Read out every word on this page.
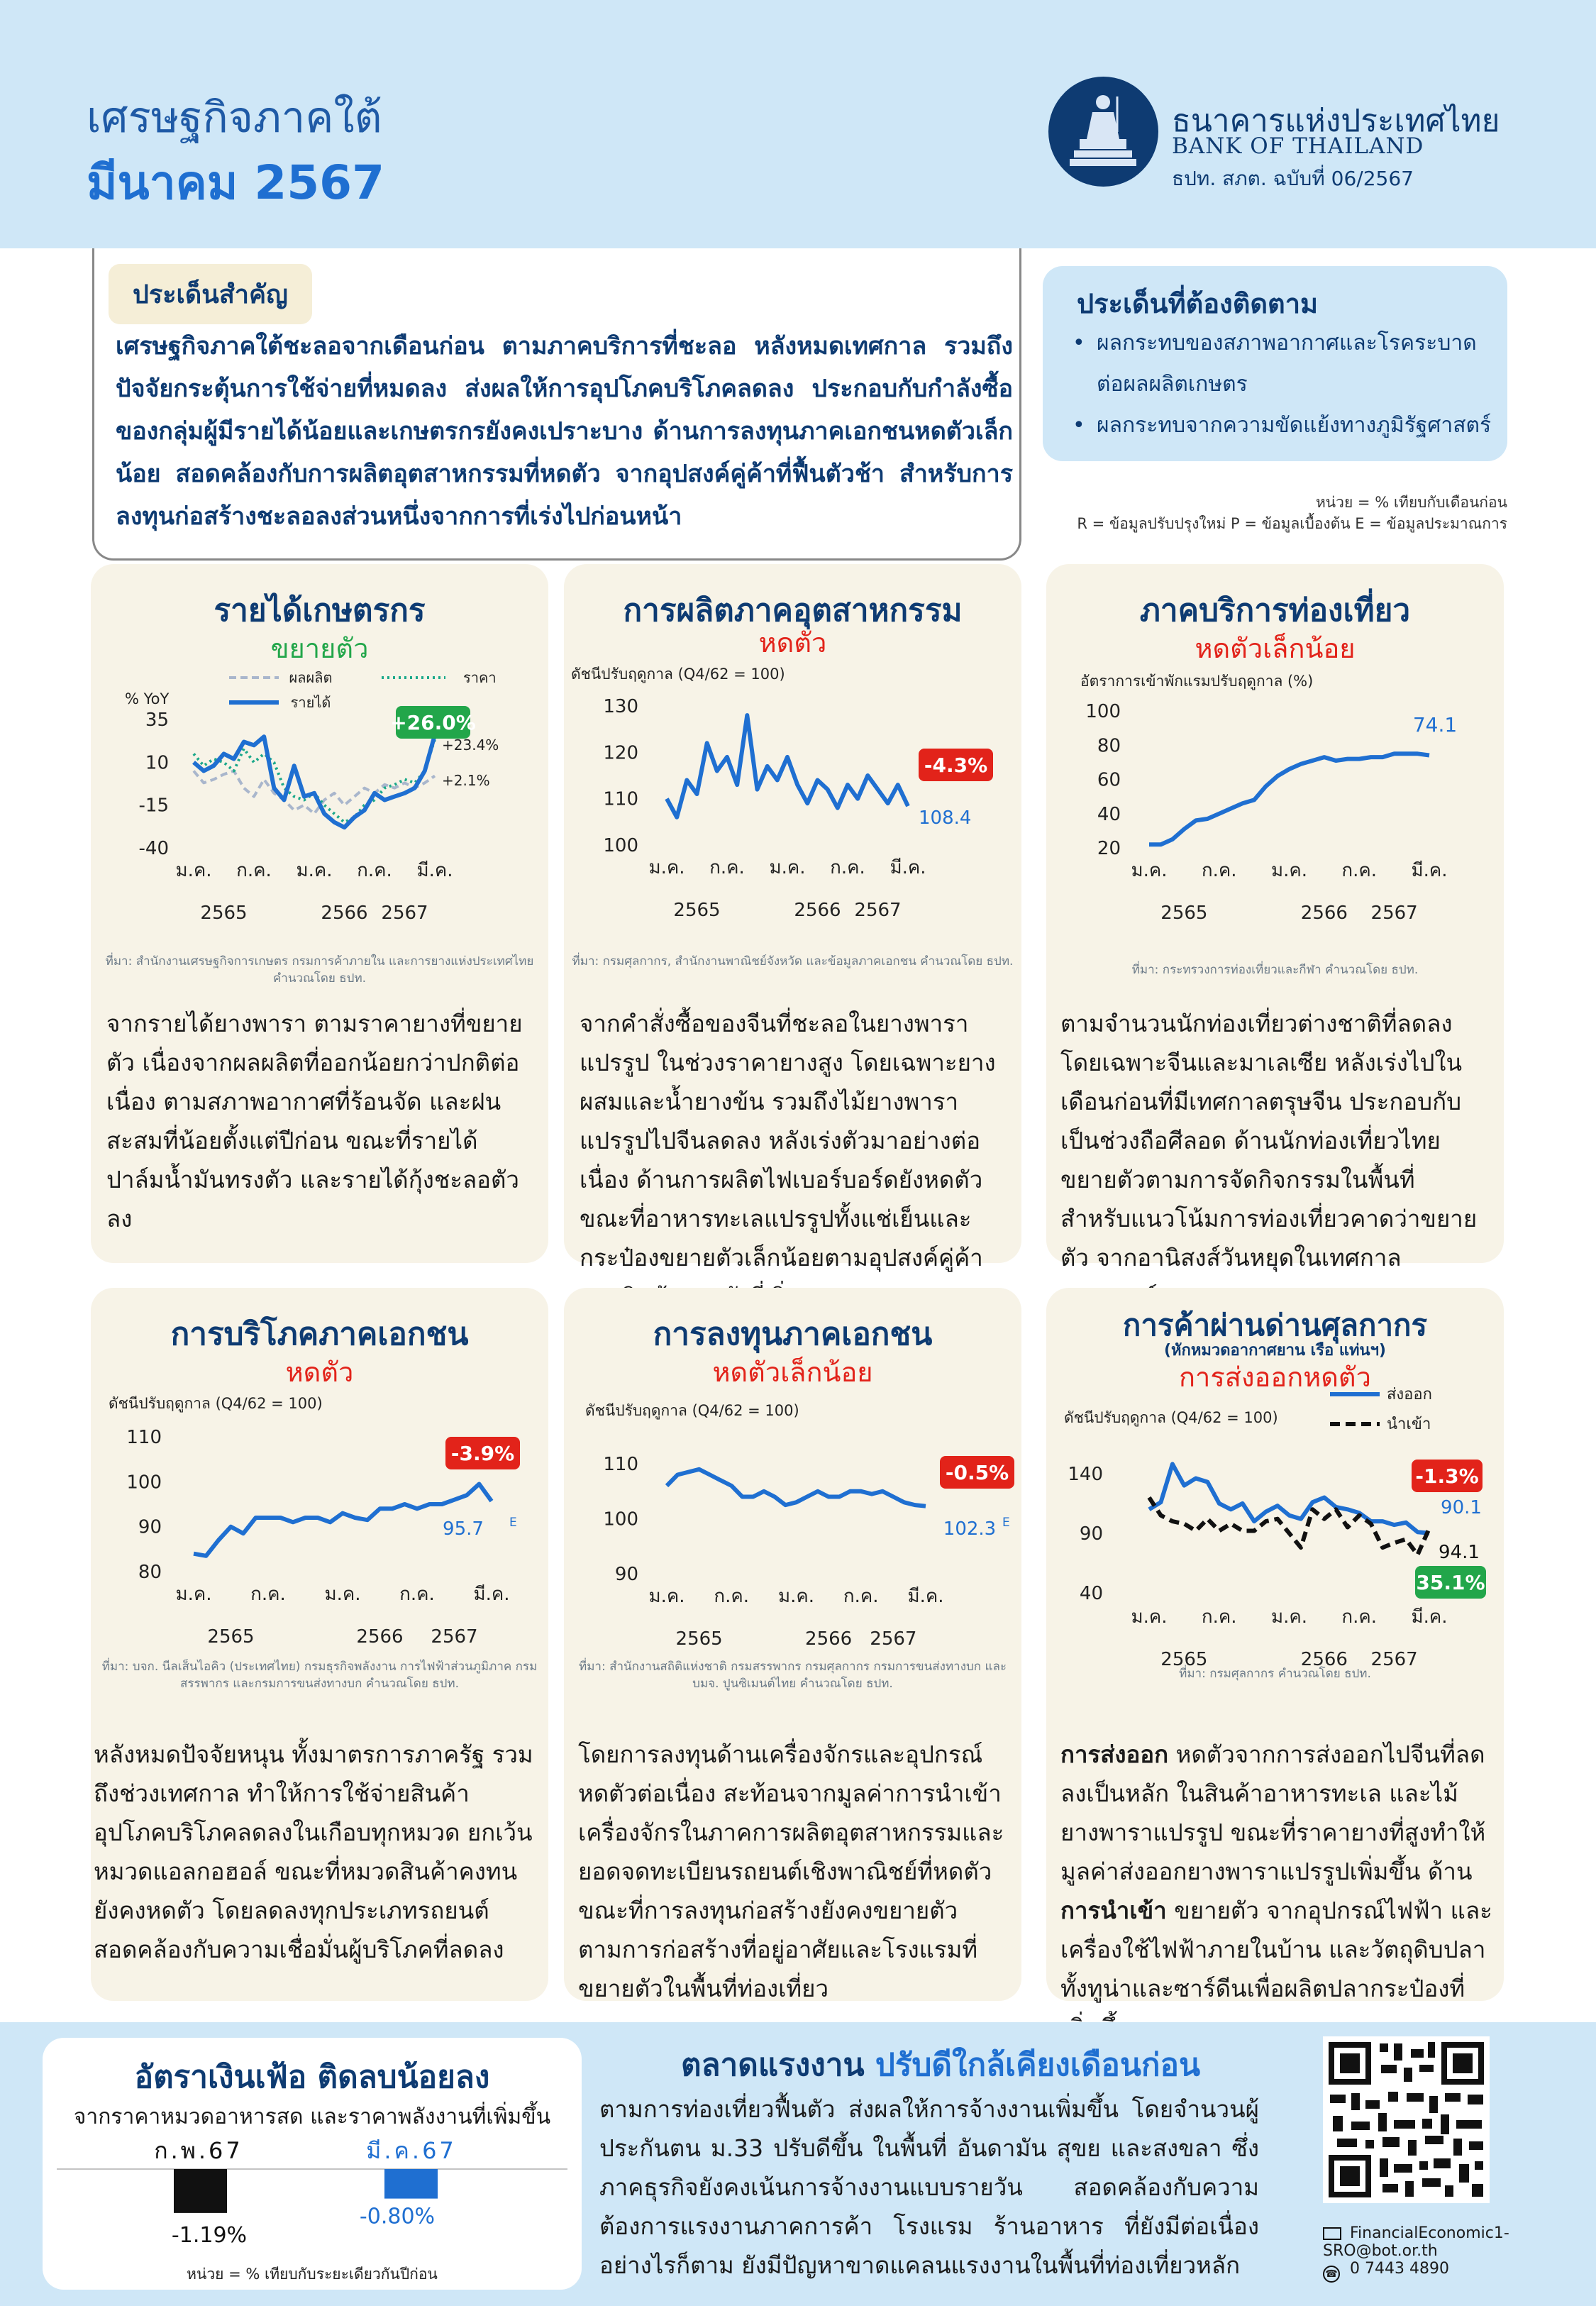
เศรษฐกิจภาคใต้
มีนาคม 2567
ธนาคารแห่งประเทศไทย
BANK OF THAILAND
ธปท. สภต. ฉบับที่ 06/2567
ประเด็นสำคัญ
เศรษฐกิจภาคใต้ชะลอจากเดือนก่อน ตามภาคบริการที่ชะลอ หลังหมดเทศกาล รวมถึงปัจจัยกระตุ้นการใช้จ่ายที่หมดลง ส่งผลให้การอุปโภคบริโภคลดลง ประกอบกับกำลังซื้อของกลุ่มผู้มีรายได้น้อยและเกษตรกรยังคงเปราะบาง ด้านการลงทุนภาคเอกชนหดตัวเล็กน้อย สอดคล้องกับการผลิตอุตสาหกรรมที่หดตัว จากอุปสงค์คู่ค้าที่ฟื้นตัวช้า สำหรับการลงทุนก่อสร้างชะลอลงส่วนหนึ่งจากการที่เร่งไปก่อนหน้า
ประเด็นที่ต้องติดตาม
• ผลกระทบของสภาพอากาศและโรคระบาดต่อผลผลิตเกษตร
• ผลกระทบจากความขัดแย้งทางภูมิรัฐศาสตร์
หน่วย = % เทียบกับเดือนก่อน
R = ข้อมูลปรับปรุงใหม่ P = ข้อมูลเบื้องต้น E = ข้อมูลประมาณการ
รายได้เกษตรกร
ขยายตัว
% YoY
35
10
-15
-40
ม.ค. ก.ค. ม.ค. ก.ค. มี.ค.
2565	2566 2567
ผลผลิต	ราคา
รายได้
+26.0%
+23.4%
+2.1%
ที่มา: สำนักงานเศรษฐกิจการเกษตร กรมการค้าภายใน และการยางแห่งประเทศไทย คำนวณโดย ธปท.
จากรายได้ยางพารา ตามราคายางที่ขยายตัว เนื่องจากผลผลิตที่ออกน้อยกว่าปกติต่อเนื่อง ตามสภาพอากาศที่ร้อนจัด และฝนสะสมที่น้อยตั้งแต่ปีก่อน ขณะที่รายได้ปาล์มน้ำมันทรงตัว และรายได้กุ้งชะลอตัวลง
การผลิตภาคอุตสาหกรรม
หดตัว
ดัชนีปรับฤดูกาล (Q4/62 = 100)
130
120
110
100
ม.ค. ก.ค. ม.ค. ก.ค. มี.ค.
2565	2566 2567
-4.3%
108.4
ที่มา: กรมศุลกากร, สำนักงานพาณิชย์จังหวัด และข้อมูลภาคเอกชน คำนวณโดย ธปท.
จากคำสั่งซื้อของจีนที่ชะลอในยางพาราแปรรูป ในช่วงราคายางสูง โดยเฉพาะยางผสมและน้ำยางข้น รวมถึงไม้ยางพาราแปรรูปไปจีนลดลง หลังเร่งตัวมาอย่างต่อเนื่อง ด้านการผลิตไฟเบอร์บอร์ดยังหดตัว ขณะที่อาหารทะเลแปรรูปทั้งแช่เย็นและกระป๋องขยายตัวเล็กน้อยตามอุปสงค์คู่ค้า
ภาคบริการท่องเที่ยว
หดตัวเล็กน้อย
อัตราการเข้าพักแรมปรับฤดูกาล (%)
100
80
60
40
20
ม.ค. ก.ค. ม.ค. ก.ค. มี.ค.
2565	2566 2567
74.1
ที่มา: กระทรวงการท่องเที่ยวและกีฬา คำนวณโดย ธปท.
ตามจำนวนนักท่องเที่ยวต่างชาติที่ลดลง โดยเฉพาะจีนและมาเลเซีย หลังเร่งไปในเดือนก่อนที่มีเทศกาลตรุษจีน ประกอบกับเป็นช่วงถือศีลอด ด้านนักท่องเที่ยวไทยขยายตัวตามการจัดกิจกรรมในพื้นที่ สำหรับแนวโน้มการท่องเที่ยวคาดว่าขยายตัว จากอานิสงส์วันหยุดในเทศกาล
การบริโภคภาคเอกชน
หดตัว
ดัชนีปรับฤดูกาล (Q4/62 = 100)
110
100
90
80
ม.ค. ก.ค. ม.ค. ก.ค. มี.ค.
2565	2566 2567
-3.9%
95.7 E
ที่มา: บจก. นีลเส็นไอคิว (ประเทศไทย) กรมธุรกิจพลังงาน การไฟฟ้าส่วนภูมิภาค กรมสรรพากร และกรมการขนส่งทางบก คำนวณโดย ธปท.
หลังหมดปัจจัยหนุน ทั้งมาตรการภาครัฐ รวมถึงช่วงเทศกาล ทำให้การใช้จ่ายสินค้าอุปโภคบริโภคลดลงในเกือบทุกหมวด ยกเว้นหมวดแอลกอฮอล์ ขณะที่หมวดสินค้าคงทนยังคงหดตัว โดยลดลงทุกประเภทรถยนต์ สอดคล้องกับความเชื่อมั่นผู้บริโภคที่ลดลง
การลงทุนภาคเอกชน
หดตัวเล็กน้อย
ดัชนีปรับฤดูกาล (Q4/62 = 100)
110
100
90
ม.ค. ก.ค. ม.ค. ก.ค. มี.ค.
2565	2566 2567
-0.5%
102.3 E
ที่มา: สำนักงานสถิติแห่งชาติ กรมสรรพากร กรมศุลกากร กรมการขนส่งทางบก และ บมจ. ปูนซิเมนต์ไทย คำนวณโดย ธปท.
โดยการลงทุนด้านเครื่องจักรและอุปกรณ์หดตัวต่อเนื่อง สะท้อนจากมูลค่าการนำเข้าเครื่องจักรในภาคการผลิตอุตสาหกรรมและยอดจดทะเบียนรถยนต์เชิงพาณิชย์ที่หดตัว ขณะที่การลงทุนก่อสร้างยังคงขยายตัว ตามการก่อสร้างที่อยู่อาศัยและโรงแรมที่ขยายตัวในพื้นที่ท่องเที่ยว
การค้าผ่านด่านศุลกากร
(หักหมวดอากาศยาน เรือ แท่นฯ)
การส่งออกหดตัว
ดัชนีปรับฤดูกาล (Q4/62 = 100)
140
90
40
ม.ค. ก.ค. ม.ค. ก.ค. มี.ค.
2565	2566 2567
ส่งออก
นำเข้า
-1.3%
90.1
94.1
35.1%
ที่มา: กรมศุลกากร คำนวณโดย ธปท.
การส่งออก หดตัวจากการส่งออกไปจีนที่ลดลงเป็นหลัก ในสินค้าอาหารทะเล และไม้ยางพาราแปรรูป ขณะที่ราคายางที่สูงทำให้มูลค่าส่งออกยางพาราแปรรูปเพิ่มขึ้น ด้านการนำเข้า ขยายตัว จากอุปกรณ์ไฟฟ้า และเครื่องใช้ไฟฟ้าภายในบ้าน และวัตถุดิบปลาทั้งทูน่าและซาร์ดีนเพื่อผลิตปลากระป๋องที่
อัตราเงินเฟ้อ ติดลบน้อยลง
จากราคาหมวดอาหารสด และราคาพลังงานที่เพิ่มขึ้น
ก.พ.67	มี.ค.67
-1.19%
-0.80%
หน่วย = % เทียบกับระยะเดียวกันปีก่อน
ตลาดแรงงาน ปรับดีใกล้เคียงเดือนก่อน
ตามการท่องเที่ยวฟื้นตัว ส่งผลให้การจ้างงานเพิ่มขึ้น โดยจำนวนผู้ประกันตน ม.33 ปรับดีขึ้น ในพื้นที่ อันดามัน สุขย และสงขลา ซึ่งภาคธุรกิจยังคงเน้นการจ้างงานแบบรายวัน สอดคล้องกับความต้องการแรงงานภาคการค้า โรงแรม ร้านอาหาร ที่ยังมีต่อเนื่อง อย่างไรก็ตาม ยังมีปัญหาขาดแคลนแรงงานในพื้นที่ท่องเที่ยวหลัก
FinancialEconomic1-SRO@bot.or.th
☎ 0 7443 4890
